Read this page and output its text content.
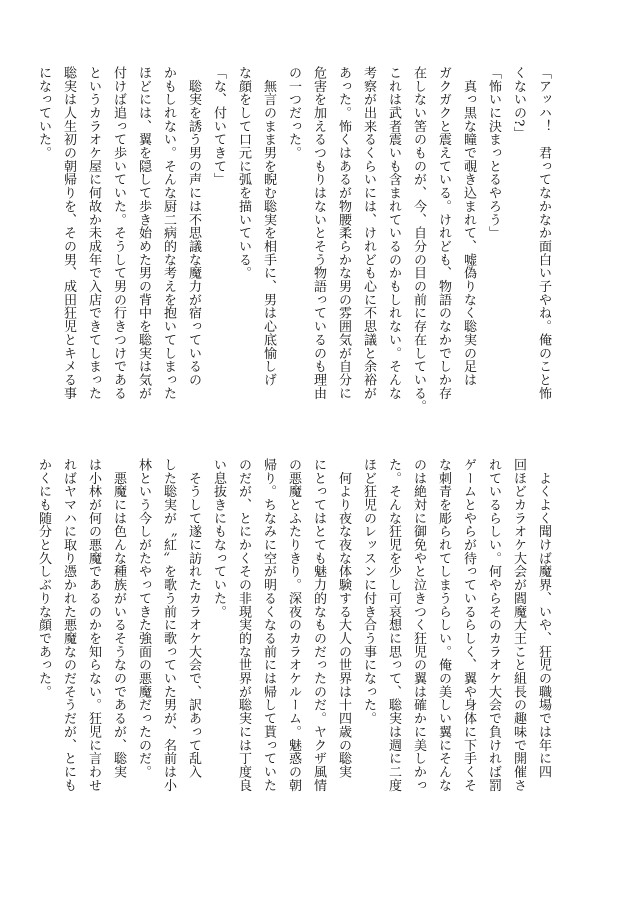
「アッハ！　君ってなかなか面白い子やね。俺のこと怖

くないの?」

「怖いに決まっとるやろう」

　真っ黒な瞳で覗き込まれて、嘘偽りなく聡実の足は

ガクガクと震えている。けれども、物語のなかでしか存

在しない筈のものが、今、自分の目の前に存在している。

これは武者震いも含まれているのかもしれない。そんな

考察が出来るくらいには、けれども心に不思議と余裕が

あった。怖くはあるが物腰柔らかな男の雰囲気が自分に

危害を加えるつもりはないとそう物語っているのも理由

の一つだった。

　無言のまま男を睨む聡実を相手に、男は心底愉しげ

な顔をして口元に弧を描いている。

「な、付いてきて」

　聡実を誘う男の声には不思議な魔力が宿っているの

かもしれない。そんな厨二病的な考えを抱いてしまった

ほどには、翼を隠して歩き始めた男の背中を聡実は気が

付けば追って歩いていた。そうして男の行きつけである

というカラオケ屋に何故か未成年で入店できてしまった

聡実は人生初の朝帰りを、その男、成田狂児とキメる事

になっていた。

　よくよく聞けば魔界、いや、狂児の職場では年に四

回ほどカラオケ大会が閻魔大王こと組長の趣味で開催さ

れているらしい。何やらそのカラオケ大会で負ければ罰

ゲームとやらが待っているらしく、翼や身体に下手くそ

な刺青を彫られてしまうらしい。俺の美しい翼にそんな

のは絶対に御免やと泣きつく狂児の翼は確かに美しかっ

た。そんな狂児を少し可哀想に思って、聡実は週に二度

ほど狂児のレッスンに付き合う事になった。

　何より夜な夜な体験する大人の世界は十四歳の聡実

にとってはとても魅力的なものだったのだ。ヤクザ風情

の悪魔とふたりきり。深夜のカラオケルーム。魅惑の朝

帰り。ちなみに空が明るくなる前には帰して貰っていた

のだが、とにかくその非現実的な世界が聡実には丁度良

い息抜きにもなっていた。

　そうして遂に訪れたカラオケ大会で、訳あって乱入

した聡実が〝紅〟を歌う前に歌っていた男が、名前は小

林という今しがたやってきた強面の悪魔だったのだ。

　悪魔には色んな種族がいるそうなのであるが、聡実

は小林が何の悪魔であるのかを知らない。狂児に言わせ

ればヤマハに取り憑かれた悪魔なのだそうだが、とにも

かくにも随分と久しぶりな顔であった。
